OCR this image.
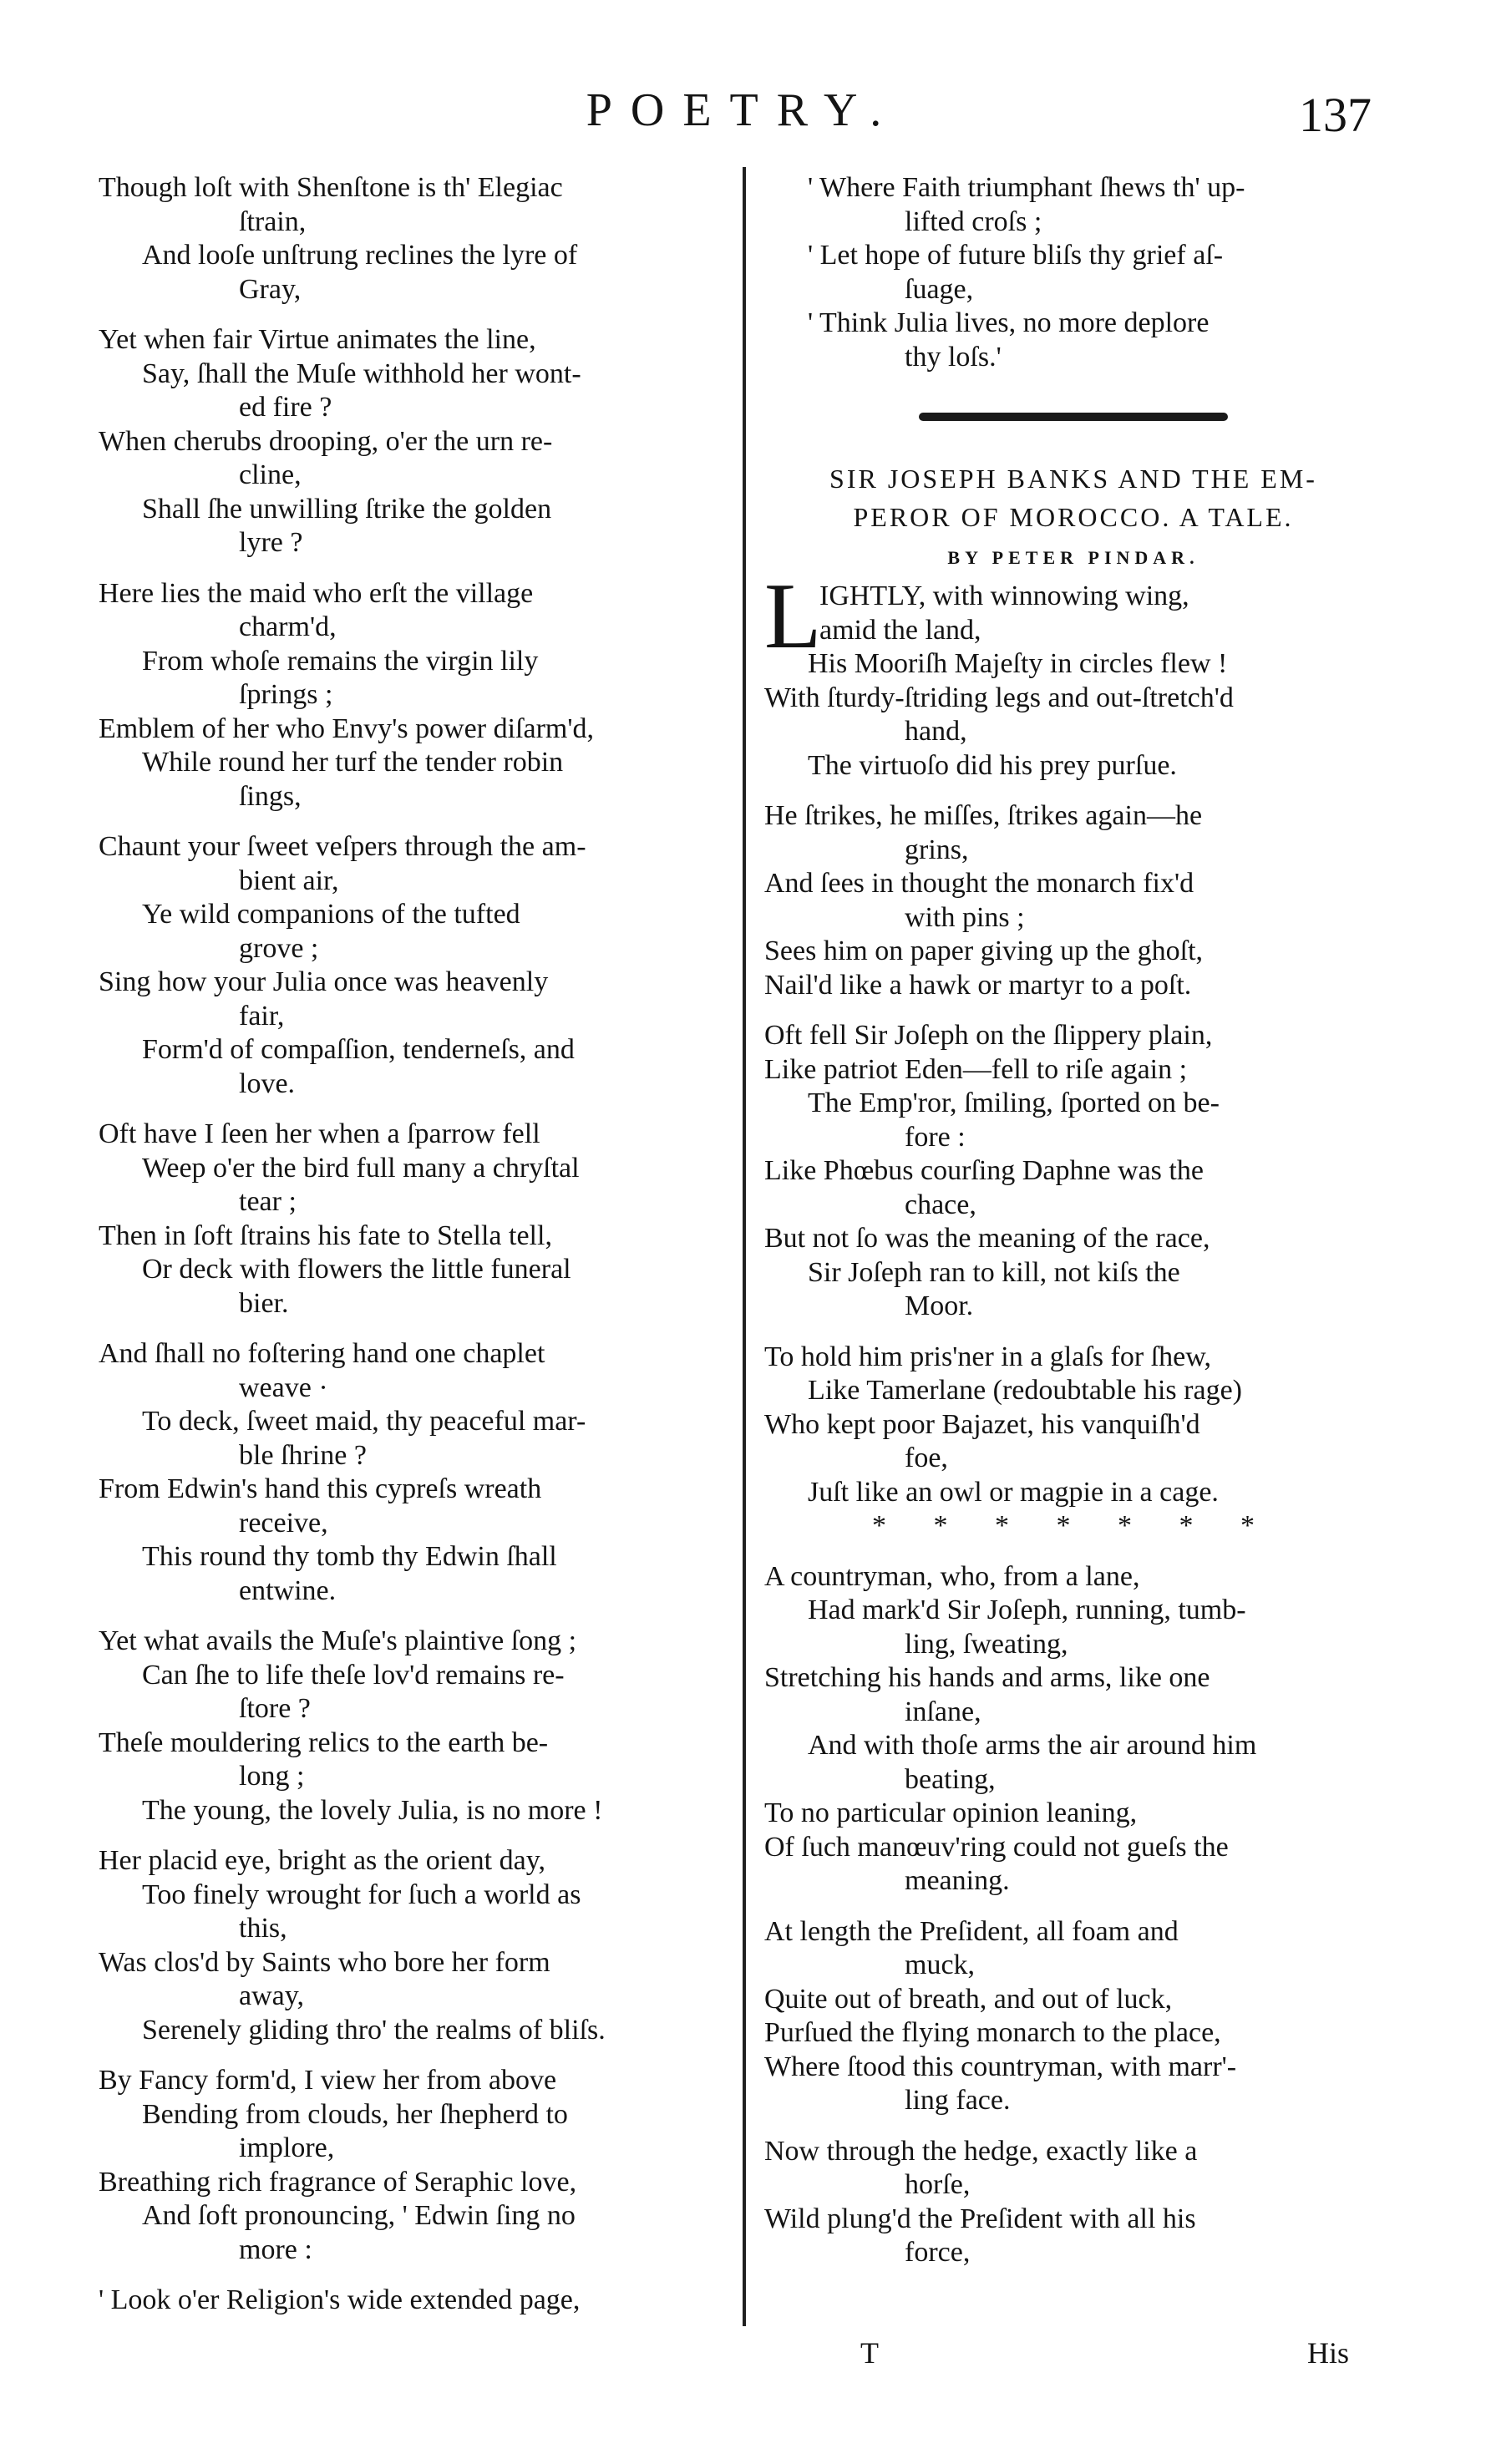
POETRY.	137
Though loſt with Shenſtone is th' Elegiac
ſtrain,
And looſe unſtrung reclines the lyre of
Gray,
Yet when fair Virtue animates the line,
Say, ſhall the Muſe withhold her wont-
ed fire ?
When cherubs drooping, o'er the urn re-
cline,
Shall ſhe unwilling ſtrike the golden
lyre ?
Here lies the maid who erſt the village
charm'd,
From whoſe remains the virgin lily
ſprings ;
Emblem of her who Envy's power diſarm'd,
While round her turf the tender robin
ſings,
Chaunt your ſweet veſpers through the am-
bient air,
Ye wild companions of the tufted
grove ;
Sing how your Julia once was heavenly
fair,
Form'd of compaſſion, tenderneſs, and
love.
Oft have I ſeen her when a ſparrow fell
Weep o'er the bird full many a chryſtal
tear ;
Then in ſoft ſtrains his fate to Stella tell,
Or deck with flowers the little funeral
bier.
And ſhall no foſtering hand one chaplet
weave ·
To deck, ſweet maid, thy peaceful mar-
ble ſhrine ?
From Edwin's hand this cypreſs wreath
receive,
This round thy tomb thy Edwin ſhall
entwine.
Yet what avails the Muſe's plaintive ſong ;
Can ſhe to life theſe lov'd remains re-
ſtore ?
Theſe mouldering relics to the earth be-
long ;
The young, the lovely Julia, is no more !
Her placid eye, bright as the orient day,
Too finely wrought for ſuch a world as
this,
Was clos'd by Saints who bore her form
away,
Serenely gliding thro' the realms of bliſs.
By Fancy form'd, I view her from above
Bending from clouds, her ſhepherd to
implore,
Breathing rich fragrance of Seraphic love,
And ſoft pronouncing, ' Edwin ſing no
more :
' Look o'er Religion's wide extended page,
' Where Faith triumphant ſhews th' up-
lifted croſs ;
' Let hope of future bliſs thy grief aſ-
ſuage,
' Think Julia lives, no more deplore
thy loſs.'
SIR JOSEPH BANKS AND THE EM-
PEROR OF MOROCCO. A TALE.
BY PETER PINDAR.
L
IGHTLY, with winnowing wing,
amid the land,
His Mooriſh Majeſty in circles flew !
With ſturdy-ſtriding legs and out-ſtretch'd
hand,
The virtuoſo did his prey purſue.
He ſtrikes, he miſſes, ſtrikes again—he
grins,
And ſees in thought the monarch fix'd
with pins ;
Sees him on paper giving up the ghoſt,
Nail'd like a hawk or martyr to a poſt.
Oft fell Sir Joſeph on the ſlippery plain,
Like patriot Eden—fell to riſe again ;
The Emp'ror, ſmiling, ſported on be-
fore :
Like Phœbus courſing Daphne was the
chace,
But not ſo was the meaning of the race,
Sir Joſeph ran to kill, not kiſs the
Moor.
To hold him pris'ner in a glaſs for ſhew,
Like Tamerlane (redoubtable his rage)
Who kept poor Bajazet, his vanquiſh'd
foe,
Juſt like an owl or magpie in a cage.
* * * * * * *
A countryman, who, from a lane,
Had mark'd Sir Joſeph, running, tumb-
ling, ſweating,
Stretching his hands and arms, like one
inſane,
And with thoſe arms the air around him
beating,
To no particular opinion leaning,
Of ſuch manœuv'ring could not gueſs the
meaning.
At length the Preſident, all foam and
muck,
Quite out of breath, and out of luck,
Purſued the flying monarch to the place,
Where ſtood this countryman, with marr'-
ling face.
Now through the hedge, exactly like a
horſe,
Wild plung'd the Preſident with all his
force,
T	His
